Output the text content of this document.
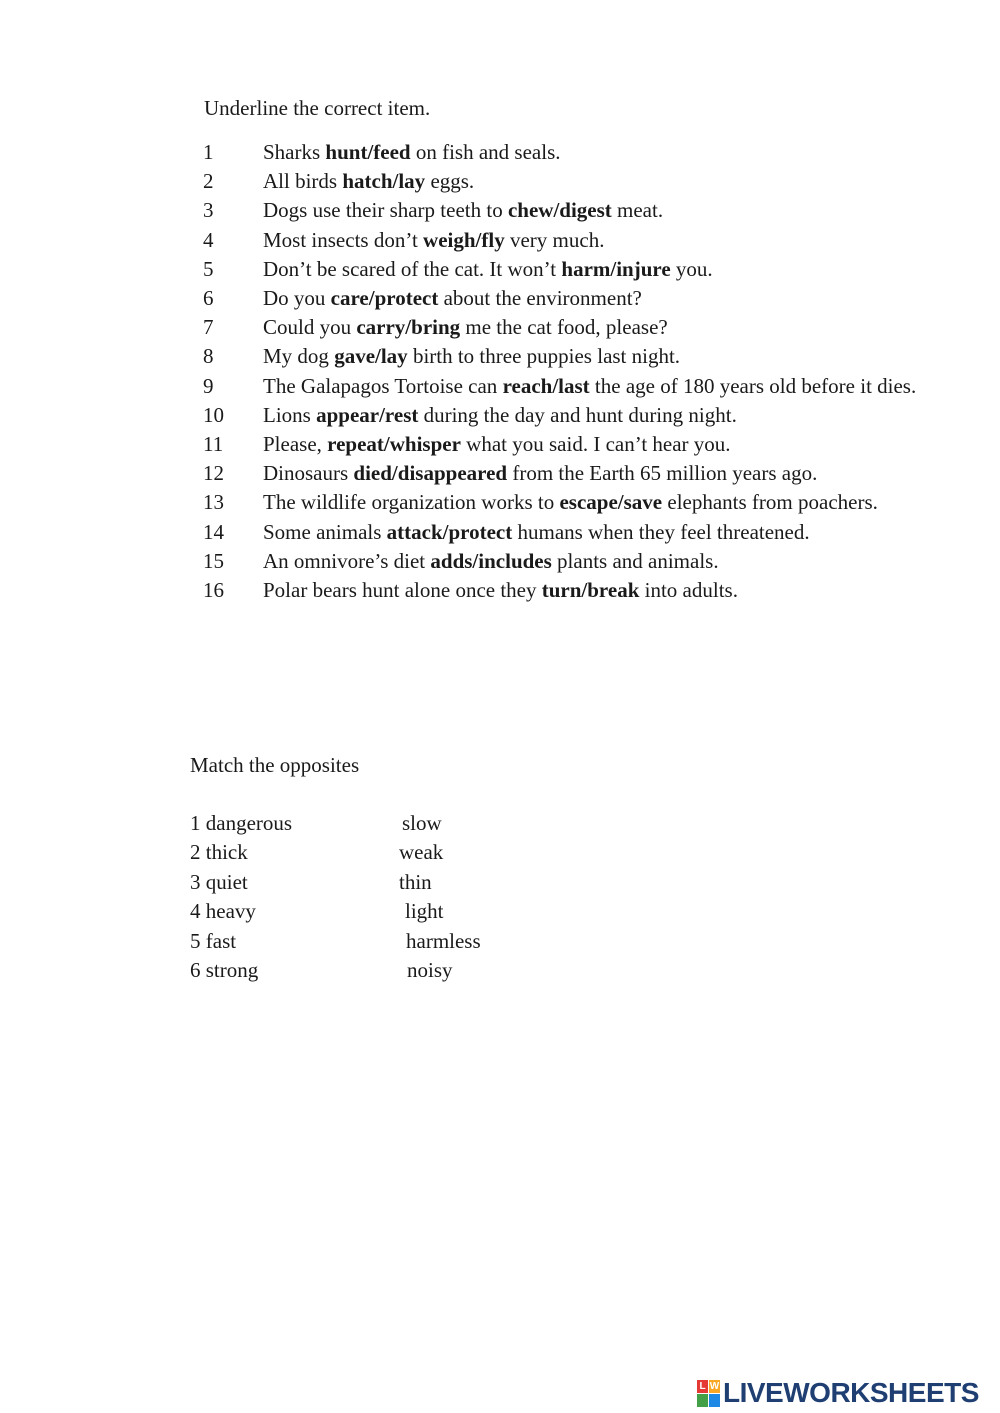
Underline the correct item.
1	Sharks hunt/feed on fish and seals.
2	All birds hatch/lay eggs.
3	Dogs use their sharp teeth to chew/digest meat.
4	Most insects don’t weigh/fly very much.
5	Don’t be scared of the cat. It won’t harm/injure you.
6	Do you care/protect about the environment?
7	Could you carry/bring me the cat food, please?
8	My dog gave/lay birth to three puppies last night.
9	The Galapagos Tortoise can reach/last the age of 180 years old before it dies.
10	Lions appear/rest during the day and hunt during night.
11	Please, repeat/whisper what you said. I can’t hear you.
12	Dinosaurs died/disappeared from the Earth 65 million years ago.
13	The wildlife organization works to escape/save elephants from poachers.
14	Some animals attack/protect humans when they feel threatened.
15	An omnivore’s diet adds/includes plants and animals.
16	Polar bears hunt alone once they turn/break into adults.
Match the opposites
1 dangerous	slow
2 thick	weak
3 quiet	thin
4 heavy	light
5 fast	harmless
6 strong	noisy
L W LIVEWORKSHEETS
